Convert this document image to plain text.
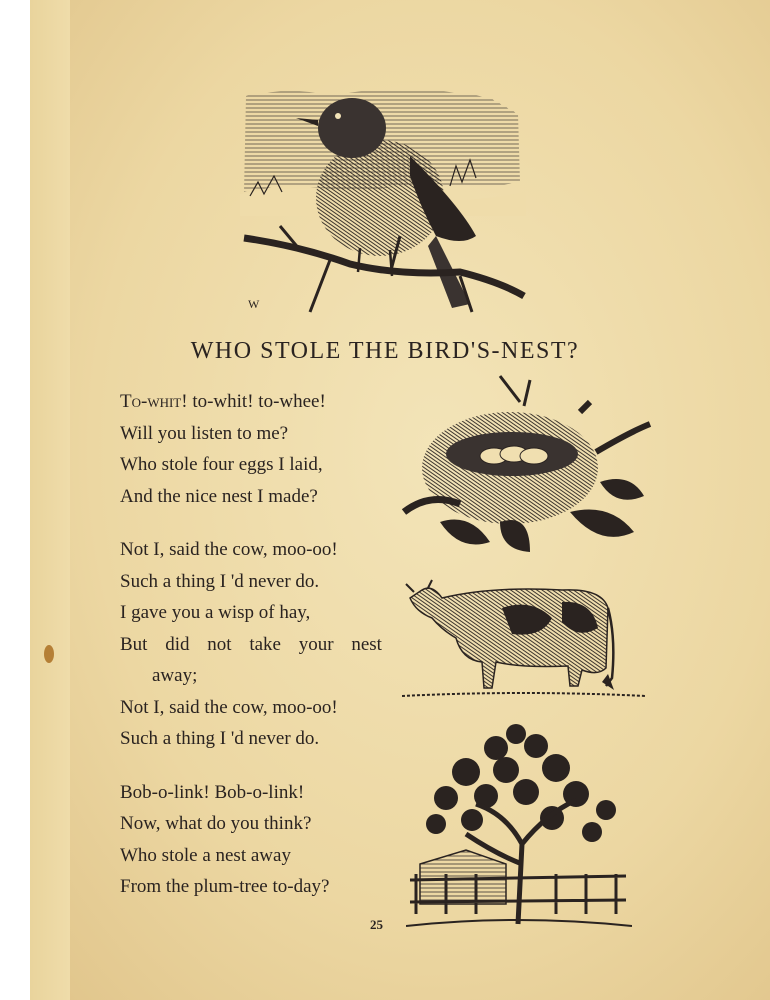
W
WHO STOLE THE BIRD'S-NEST?
To-whit! to-whit! to-whee!
Will you listen to me?
Who stole four eggs I laid,
And the nice nest I made?
Not I, said the cow, moo-oo!
Such a thing I 'd never do.
I gave you a wisp of hay,
But did not take your nest
away;
Not I, said the cow, moo-oo!
Such a thing I 'd never do.
Bob-o-link! Bob-o-link!
Now, what do you think?
Who stole a nest away
From the plum-tree to-day?
25
